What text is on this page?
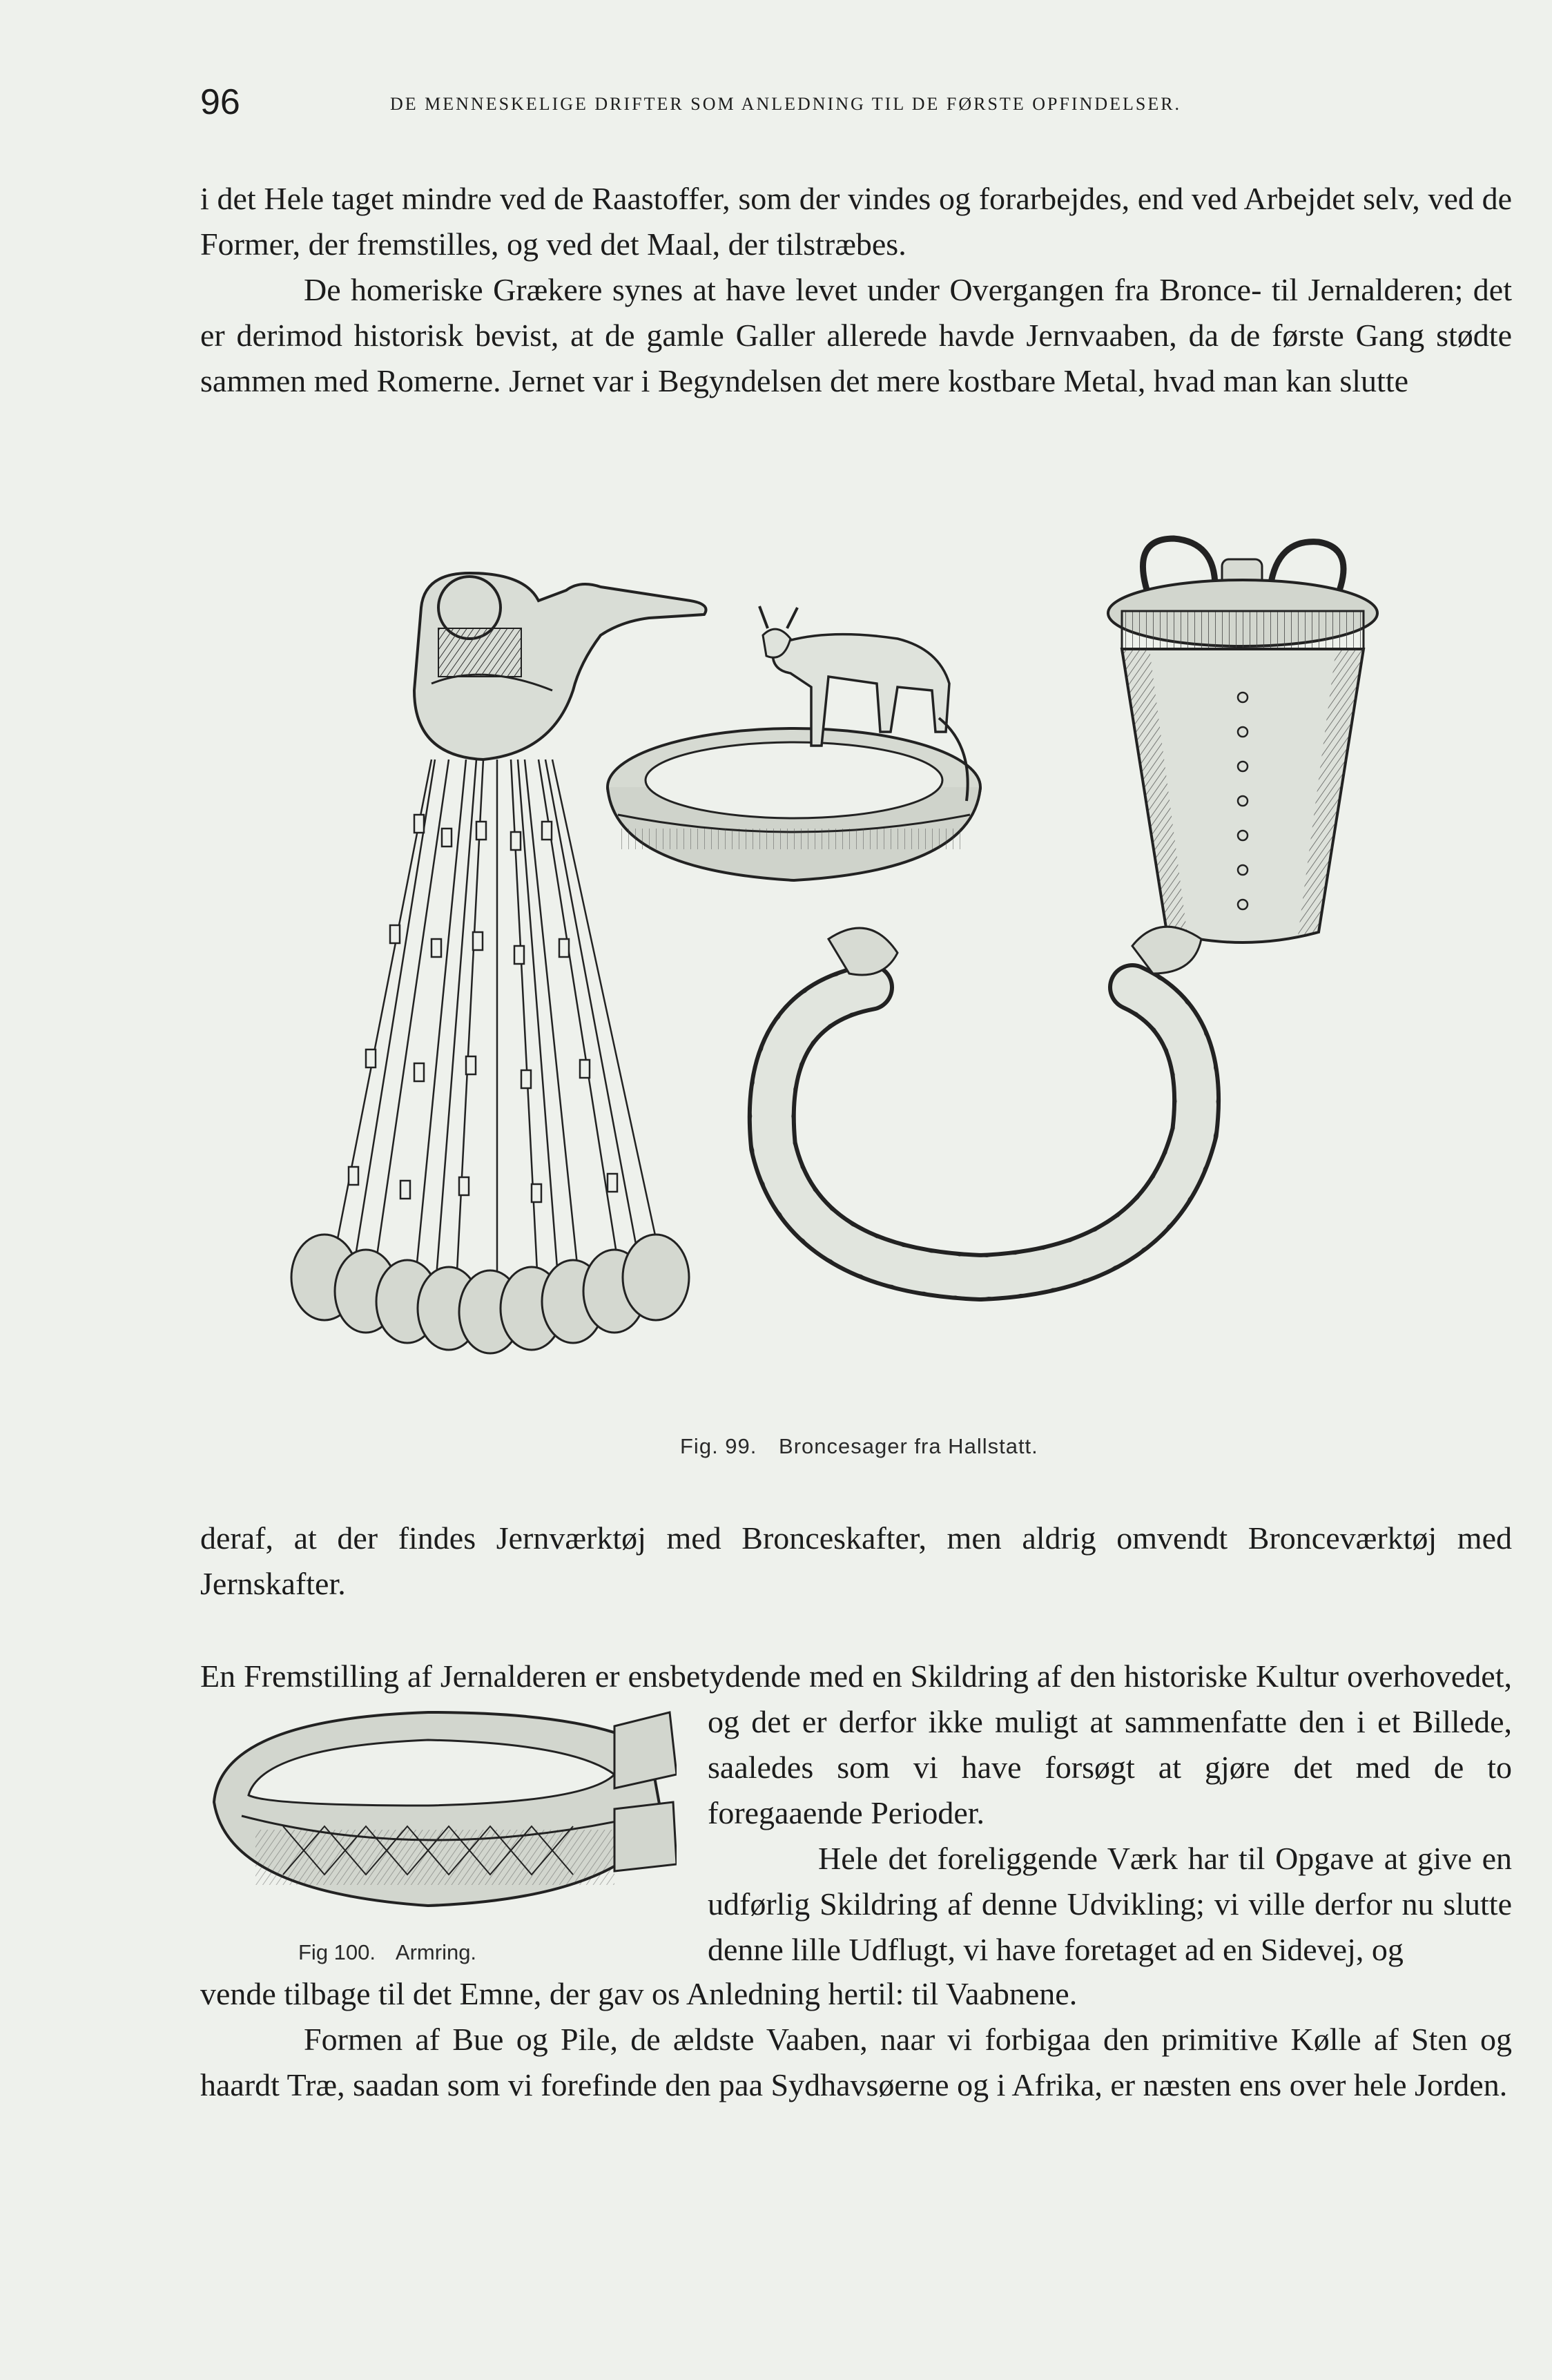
96	DE MENNESKELIGE DRIFTER SOM ANLEDNING TIL DE FØRSTE OPFINDELSER.

i det Hele taget mindre ved de Raastoffer, som der vindes og forarbejdes, end ved Arbejdet selv, ved de Former, der fremstilles, og ved det Maal, der tilstræbes.

De homeriske Grækere synes at have levet under Overgangen fra Bronce- til Jernalderen; det er derimod historisk bevist, at de gamle Galler allerede havde Jernvaaben, da de første Gang stødte sammen med Romerne. Jernet var i Begyndelsen det mere kostbare Metal, hvad man kan slutte

Fig. 99. Broncesager fra Hallstatt.

deraf, at der findes Jernværktøj med Bronceskafter, men aldrig omvendt Bronceværktøj med Jernskafter.

Fig 100. Armring.

En Fremstilling af Jernalderen er ensbetydende med en Skildring af den historiske Kultur overhovedet, og det er derfor ikke muligt at sammenfatte den i et Billede, saaledes som vi have forsøgt at gjøre det med de to foregaaende Perioder.

Hele det foreliggende Værk har til Opgave at give en udførlig Skildring af denne Udvikling; vi ville derfor nu slutte denne lille Udflugt, vi have foretaget ad en Sidevej, og

vende tilbage til det Emne, der gav os Anledning hertil: til Vaabnene.

Formen af Bue og Pile, de ældste Vaaben, naar vi forbigaa den primitive Kølle af Sten og haardt Træ, saadan som vi forefinde den paa Sydhavsøerne og i Afrika, er næsten ens over hele Jorden.
